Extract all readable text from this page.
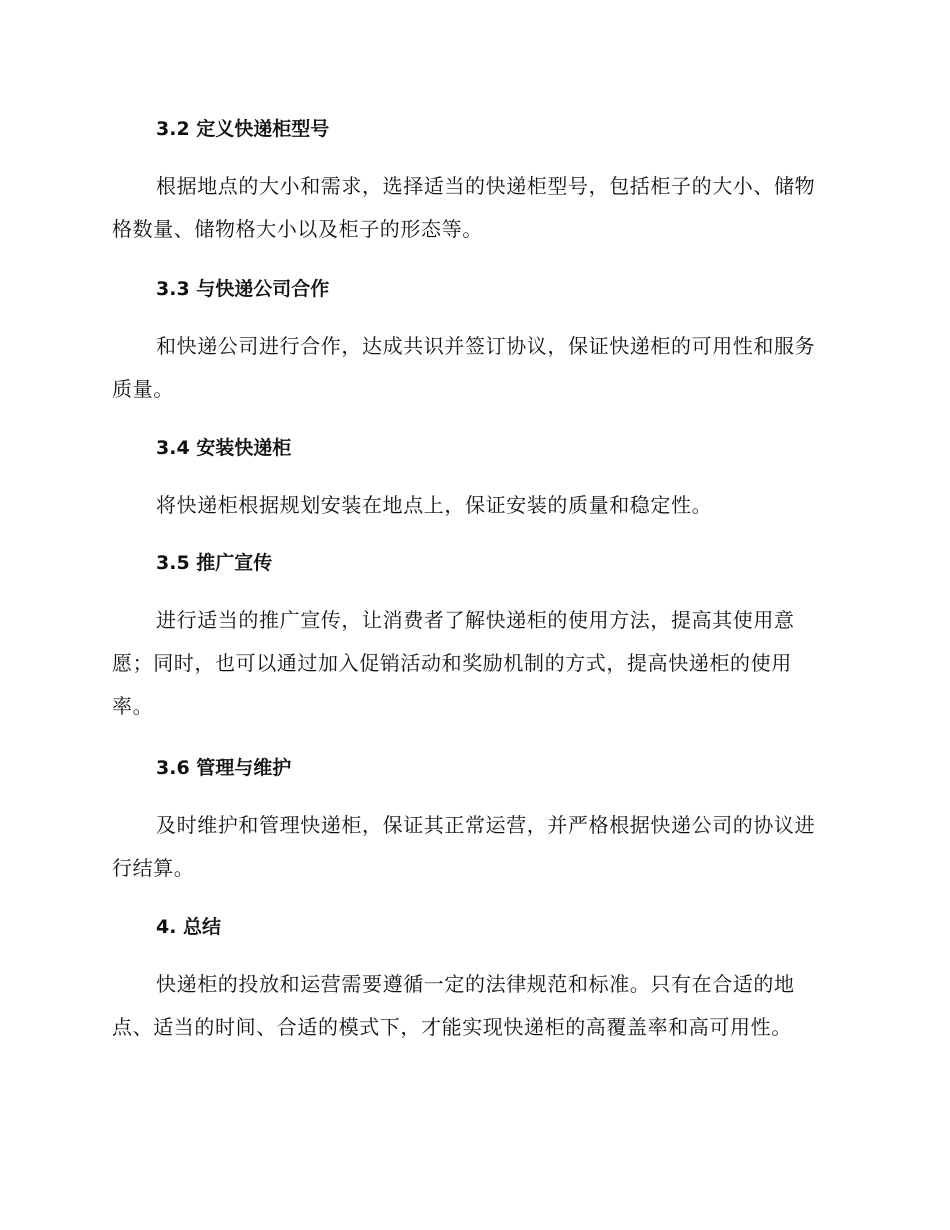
3.2 定义快递柜型号

根据地点的大小和需求，选择适当的快递柜型号，包括柜子的大小、储物格数量、储物格大小以及柜子的形态等。

3.3 与快递公司合作

和快递公司进行合作，达成共识并签订协议，保证快递柜的可用性和服务质量。

3.4 安装快递柜

将快递柜根据规划安装在地点上，保证安装的质量和稳定性。

3.5 推广宣传

进行适当的推广宣传，让消费者了解快递柜的使用方法，提高其使用意愿；同时，也可以通过加入促销活动和奖励机制的方式，提高快递柜的使用率。

3.6 管理与维护

及时维护和管理快递柜，保证其正常运营，并严格根据快递公司的协议进行结算。

4. 总结

快递柜的投放和运营需要遵循一定的法律规范和标准。只有在合适的地点、适当的时间、合适的模式下，才能实现快递柜的高覆盖率和高可用性。
